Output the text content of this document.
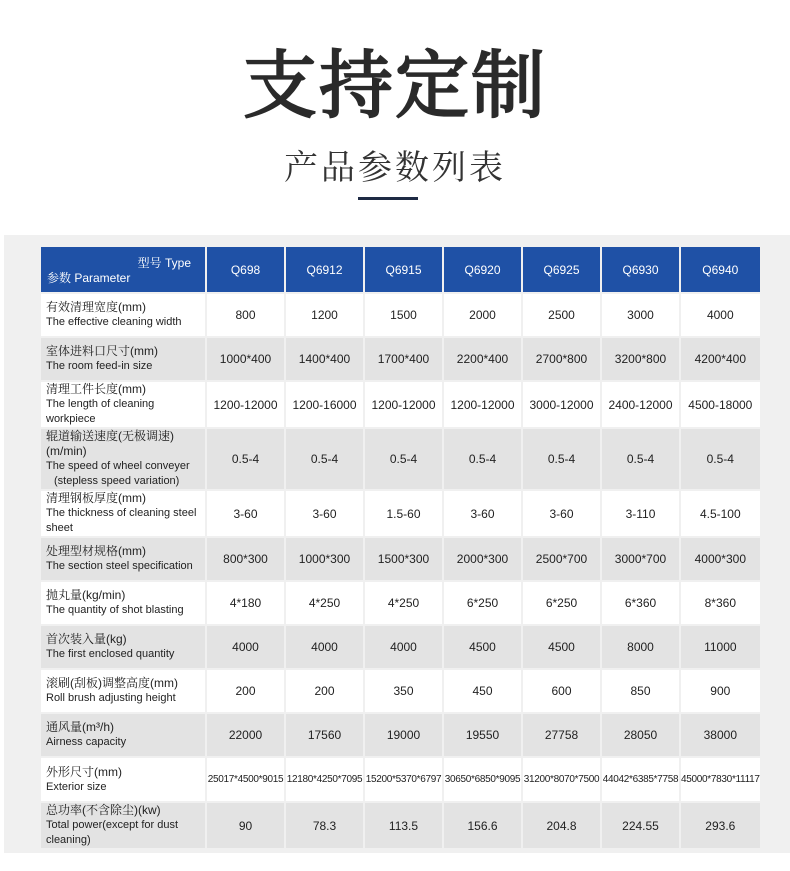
支持定制
产品参数列表
型号 Type
参数 Parameter	Q698	Q6912	Q6915	Q6920	Q6925	Q6930	Q6940

有效清理宽度(mm)
The effective cleaning width	800	1200	1500	2000	2500	3000	4000

室体进料口尺寸(mm)
The room feed-in size	1000*400	1400*400	1700*400	2200*400	2700*800	3200*800	4200*400

清理工件长度(mm)
The length of cleaning workpiece	1200-12000	1200-16000	1200-12000	1200-12000	3000-12000	2400-12000	4500-18000

辊道输送速度(无极调速)(m/min)
The speed of wheel conveyer
(stepless speed variation)	0.5-4	0.5-4	0.5-4	0.5-4	0.5-4	0.5-4	0.5-4

清理钢板厚度(mm)
The thickness of cleaning steel sheet	3-60	3-60	1.5-60	3-60	3-60	3-110	4.5-100

处理型材规格(mm)
The section steel specification	800*300	1000*300	1500*300	2000*300	2500*700	3000*700	4000*300

抛丸量(kg/min)
The quantity of shot blasting	4*180	4*250	4*250	6*250	6*250	6*360	8*360

首次装入量(kg)
The first enclosed quantity	4000	4000	4000	4500	4500	8000	11000

滚刷(刮板)调整高度(mm)
Roll brush adjusting height	200	200	350	450	600	850	900

通风量(m³/h)
Airness capacity	22000	17560	19000	19550	27758	28050	38000

外形尺寸(mm)
Exterior size	25017*4500*9015	12180*4250*7095	15200*5370*6797	30650*6850*9095	31200*8070*7500	44042*6385*7758	45000*7830*11117

总功率(不含除尘)(kw)
Total power(except for dust cleaning)	90	78.3	113.5	156.6	204.8	224.55	293.6
